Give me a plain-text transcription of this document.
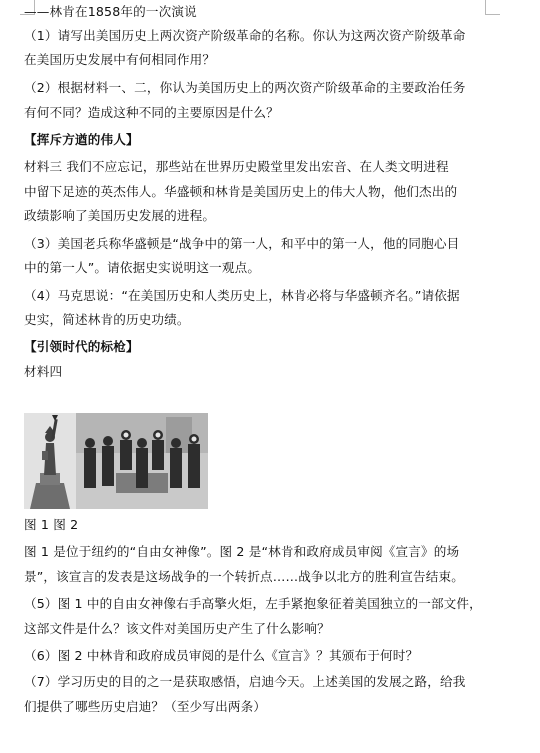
——林肯在1858年的一次演说
（1）请写出美国历史上两次资产阶级革命的名称。你认为这两次资产阶级革命
在美国历史发展中有何相同作用？
（2）根据材料一、二，你认为美国历史上的两次资产阶级革命的主要政治任务
有何不同？造成这种不同的主要原因是什么？
【挥斥方遒的伟人】
材料三 我们不应忘记，那些站在世界历史殿堂里发出宏音、在人类文明进程
中留下足迹的英杰伟人。华盛顿和林肯是美国历史上的伟大人物，他们杰出的
政绩影响了美国历史发展的进程。
（3）美国老兵称华盛顿是“战争中的第一人，和平中的第一人，他的同胞心目
中的第一人”。请依据史实说明这一观点。
（4）马克思说：“在美国历史和人类历史上，林肯必将与华盛顿齐名。”请依据
史实，简述林肯的历史功绩。
【引领时代的标枪】
材料四
图 1 图 2
图 1 是位于纽约的“自由女神像”。图 2 是“林肯和政府成员审阅《宣言》的场
景”，该宣言的发表是这场战争的一个转折点……战争以北方的胜利宣告结束。
（5）图 1 中的自由女神像右手高擎火炬，左手紧抱象征着美国独立的一部文件，
这部文件是什么？该文件对美国历史产生了什么影响？
（6）图 2 中林肯和政府成员审阅的是什么《宣言》？其颁布于何时？
（7）学习历史的目的之一是获取感悟，启迪今天。上述美国的发展之路，给我
们提供了哪些历史启迪？（至少写出两条）
